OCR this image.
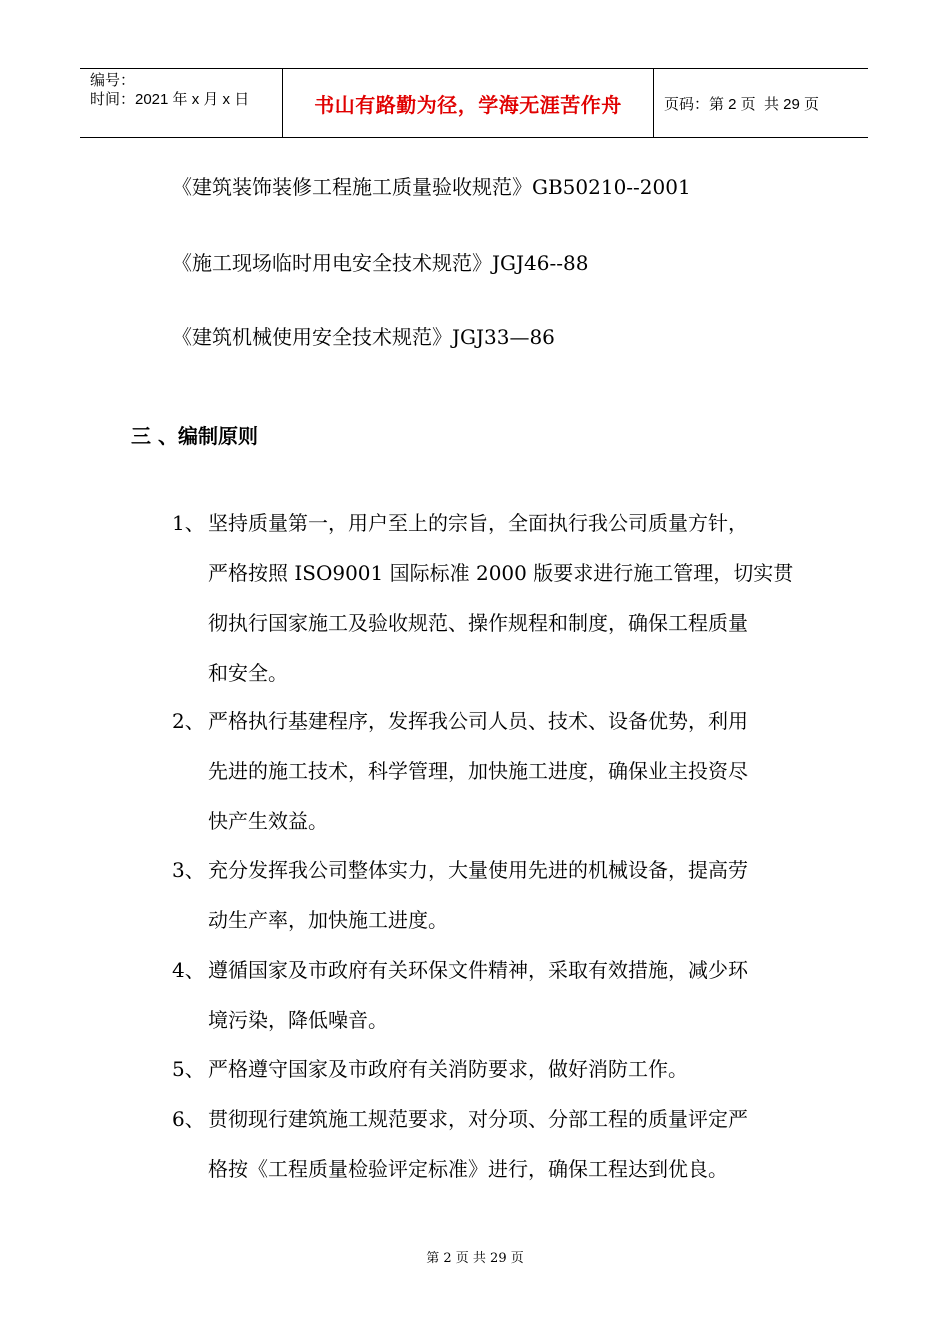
编号：
时间：2021 年 x 月 x 日	书山有路勤为径，学海无涯苦作舟	页码：第 2 页  共 29 页
《建筑装饰装修工程施工质量验收规范》GB50210--2001
《施工现场临时用电安全技术规范》JGJ46--88
《建筑机械使用安全技术规范》JGJ33—86
三 、编制原则
1、 坚持质量第一，用户至上的宗旨，全面执行我公司质量方针，
严格按照 ISO9001 国际标准 2000 版要求进行施工管理，切实贯
彻执行国家施工及验收规范、操作规程和制度，确保工程质量
和安全。
2、 严格执行基建程序，发挥我公司人员、技术、设备优势，利用
先进的施工技术，科学管理，加快施工进度，确保业主投资尽
快产生效益。
3、 充分发挥我公司整体实力，大量使用先进的机械设备，提高劳
动生产率，加快施工进度。
4、 遵循国家及市政府有关环保文件精神，采取有效措施，减少环
境污染，降低噪音。
5、 严格遵守国家及市政府有关消防要求，做好消防工作。
6、 贯彻现行建筑施工规范要求，对分项、分部工程的质量评定严
格按《工程质量检验评定标准》进行，确保工程达到优良。
第 2 页 共 29 页
